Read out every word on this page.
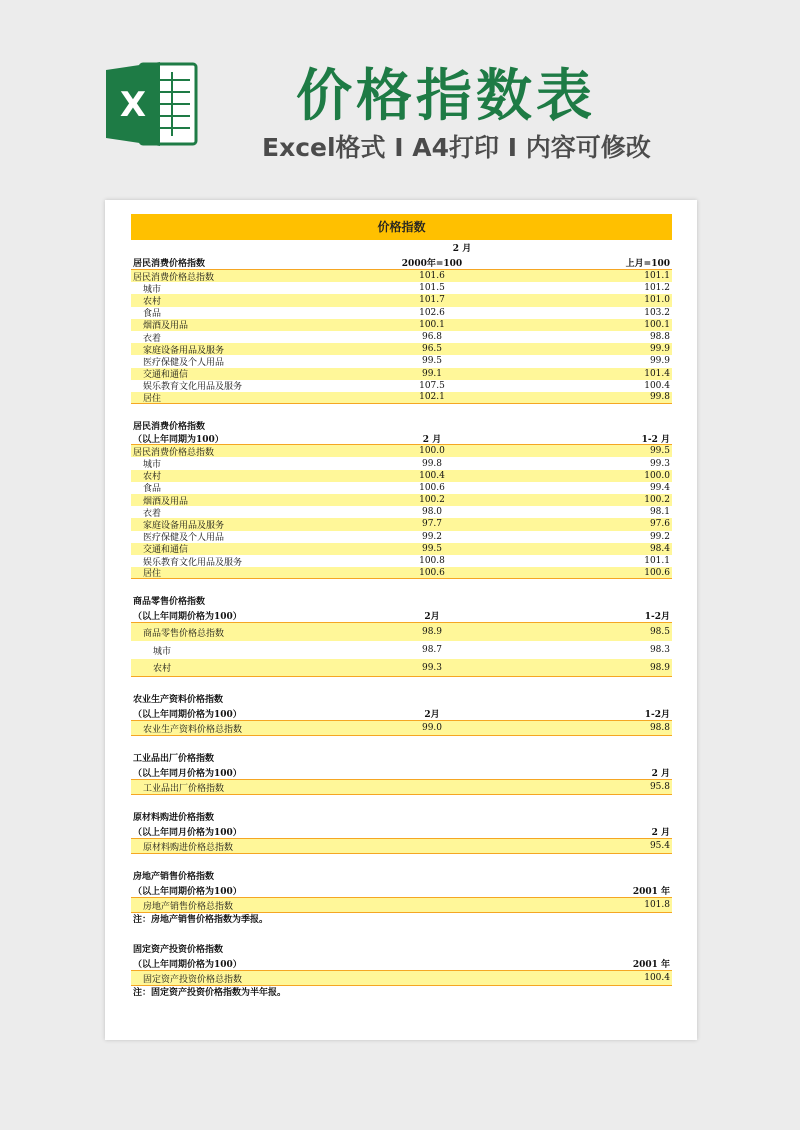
X	价格指数表
Excel格式 I A4打印 I 内容可修改
价格指数
2 月
居民消费价格指数	2000年=100	上月=100
居民消费价格总指数	101.6	101.1
城市	101.5	101.2
农村	101.7	101.0
食品	102.6	103.2
烟酒及用品	100.1	100.1
衣着	96.8	98.8
家庭设备用品及服务	96.5	99.9
医疗保健及个人用品	99.5	99.9
交通和通信	99.1	101.4
娱乐教育文化用品及服务	107.5	100.4
居住	102.1	99.8
居民消费价格指数
（以上年同期为100）	2 月	1-2 月
居民消费价格总指数	100.0	99.5
城市	99.8	99.3
农村	100.4	100.0
食品	100.6	99.4
烟酒及用品	100.2	100.2
衣着	98.0	98.1
家庭设备用品及服务	97.7	97.6
医疗保健及个人用品	99.2	99.2
交通和通信	99.5	98.4
娱乐教育文化用品及服务	100.8	101.1
居住	100.6	100.6
商品零售价格指数
（以上年同期价格为100）	2月	1-2月
商品零售价格总指数	98.9	98.5
城市	98.7	98.3
农村	99.3	98.9
农业生产资料价格指数
（以上年同期价格为100）	2月	1-2月
农业生产资料价格总指数	99.0	98.8
工业品出厂价格指数
（以上年同月价格为100）	2 月
工业品出厂价格指数	95.8
原材料购进价格指数
（以上年同月价格为100）	2 月
原材料购进价格总指数	95.4
房地产销售价格指数
（以上年同期价格为100）	2001 年
房地产销售价格总指数	101.8
注：房地产销售价格指数为季报。
固定资产投资价格指数
（以上年同期价格为100）	2001 年
固定资产投资价格总指数	100.4
注：固定资产投资价格指数为半年报。
